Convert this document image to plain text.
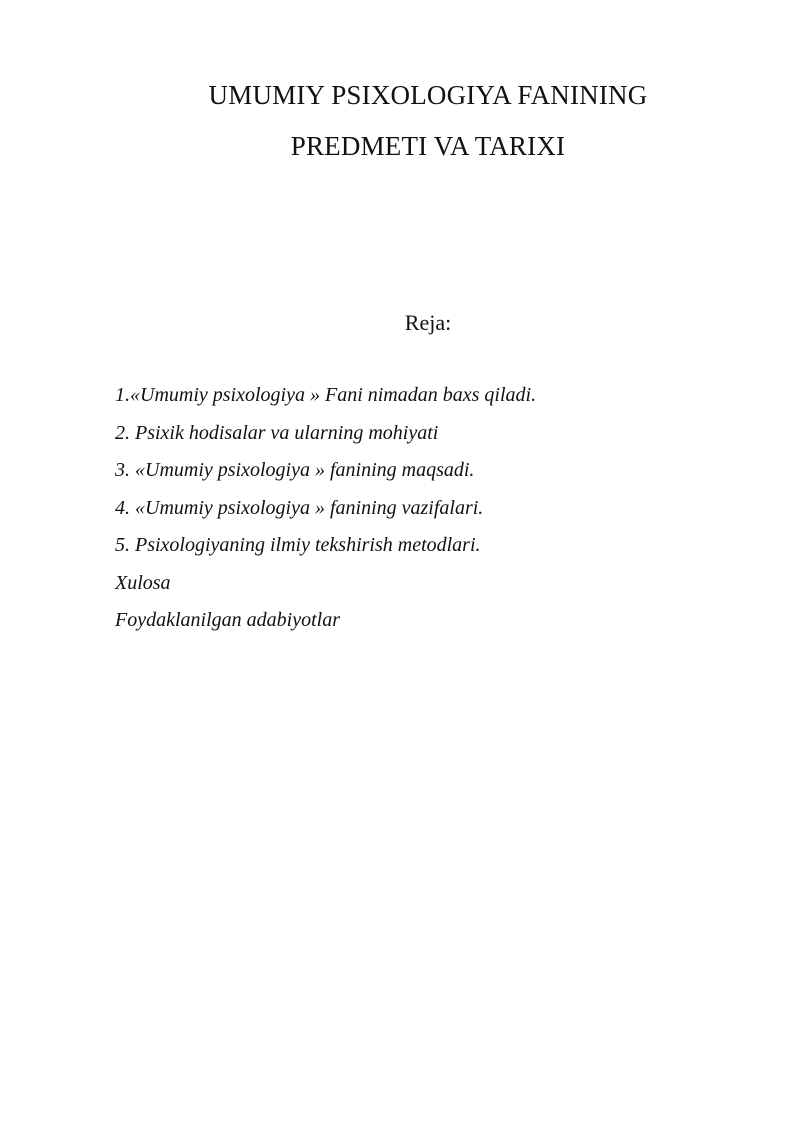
UMUMIY PSIXOLOGIYA FANINING
PREDMETI VA TARIXI
Reja:
1.«Umumiy psixologiya » Fani nimadan baxs qiladi.
2. Psixik hodisalar va ularning mohiyati
3. «Umumiy psixologiya » fanining maqsadi.
4. «Umumiy psixologiya » fanining vazifalari.
5. Psixologiyaning ilmiy tekshirish metodlari.
Xulosa
Foydaklanilgan adabiyotlar
